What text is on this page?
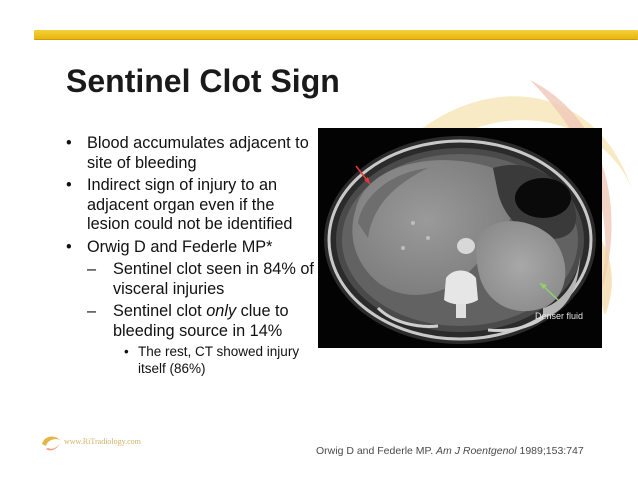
Sentinel Clot Sign
• Blood accumulates adjacent to site of bleeding
• Indirect sign of injury to an adjacent organ even if the lesion could not be identified
• Orwig D and Federle MP*
– Sentinel clot seen in 84% of visceral injuries
– Sentinel clot only clue to bleeding source in 14%
• The rest, CT showed injury itself (86%)
Denser fluid
www.RiTradiology.com
Orwig D and Federle MP. Am J Roentgenol 1989;153:747
